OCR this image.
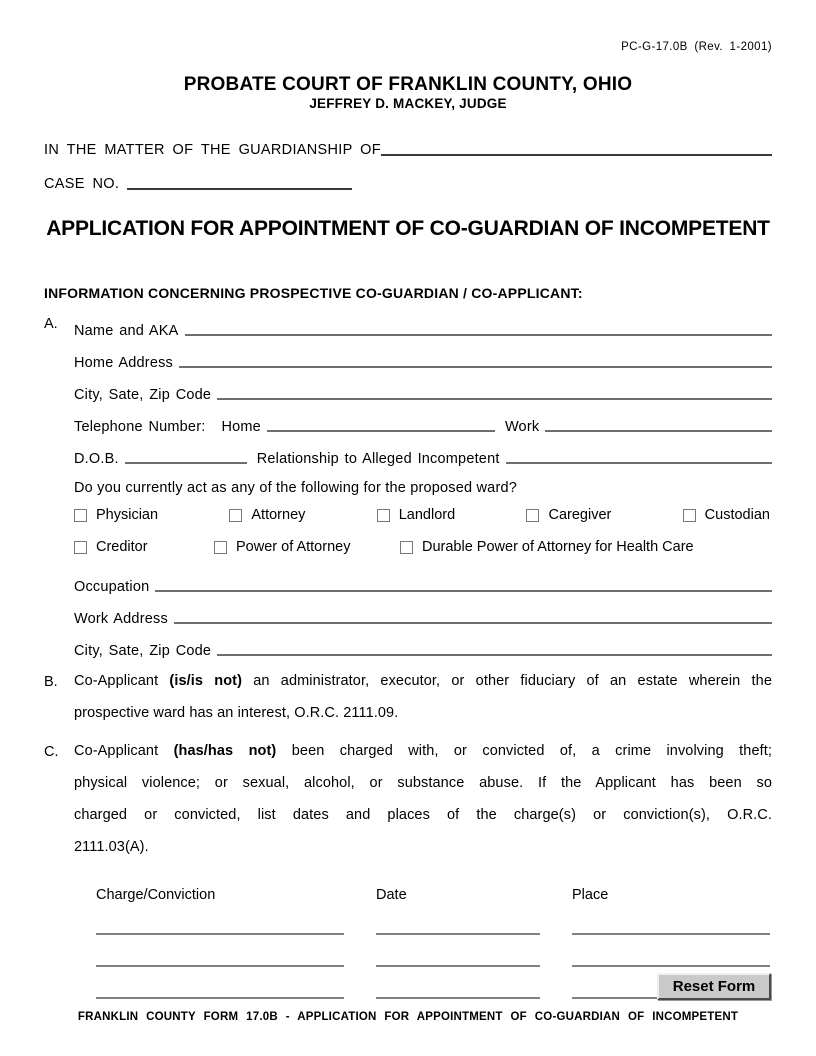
PC-G-17.0B (Rev. 1-2001)
PROBATE COURT OF FRANKLIN COUNTY, OHIO
JEFFREY D. MACKEY, JUDGE
IN THE MATTER OF THE GUARDIANSHIP OF
CASE NO.
APPLICATION FOR APPOINTMENT OF CO-GUARDIAN OF INCOMPETENT
INFORMATION CONCERNING PROSPECTIVE CO-GUARDIAN / CO-APPLICANT:
A.	Name and AKA
Home Address
City, Sate, Zip Code
Telephone Number: Home	Work
D.O.B.	Relationship to Alleged Incompetent
Do you currently act as any of the following for the proposed ward?
Physician	Attorney	Landlord	Caregiver	Custodian
Creditor	Power of Attorney	Durable Power of Attorney for Health Care
Occupation
Work Address
City, Sate, Zip Code
B.	Co-Applicant (is/is not) an administrator, executor, or other fiduciary of an estate wherein the
prospective ward has an interest, O.R.C. 2111.09.
C.	Co-Applicant (has/has not) been charged with, or convicted of, a crime involving theft;
physical violence; or sexual, alcohol, or substance abuse. If the Applicant has been so
charged or convicted, list dates and places of the charge(s) or conviction(s), O.R.C.
2111.03(A).
Charge/Conviction	Date	Place
Reset Form
FRANKLIN COUNTY FORM 17.0B - APPLICATION FOR APPOINTMENT OF CO-GUARDIAN OF INCOMPETENT
